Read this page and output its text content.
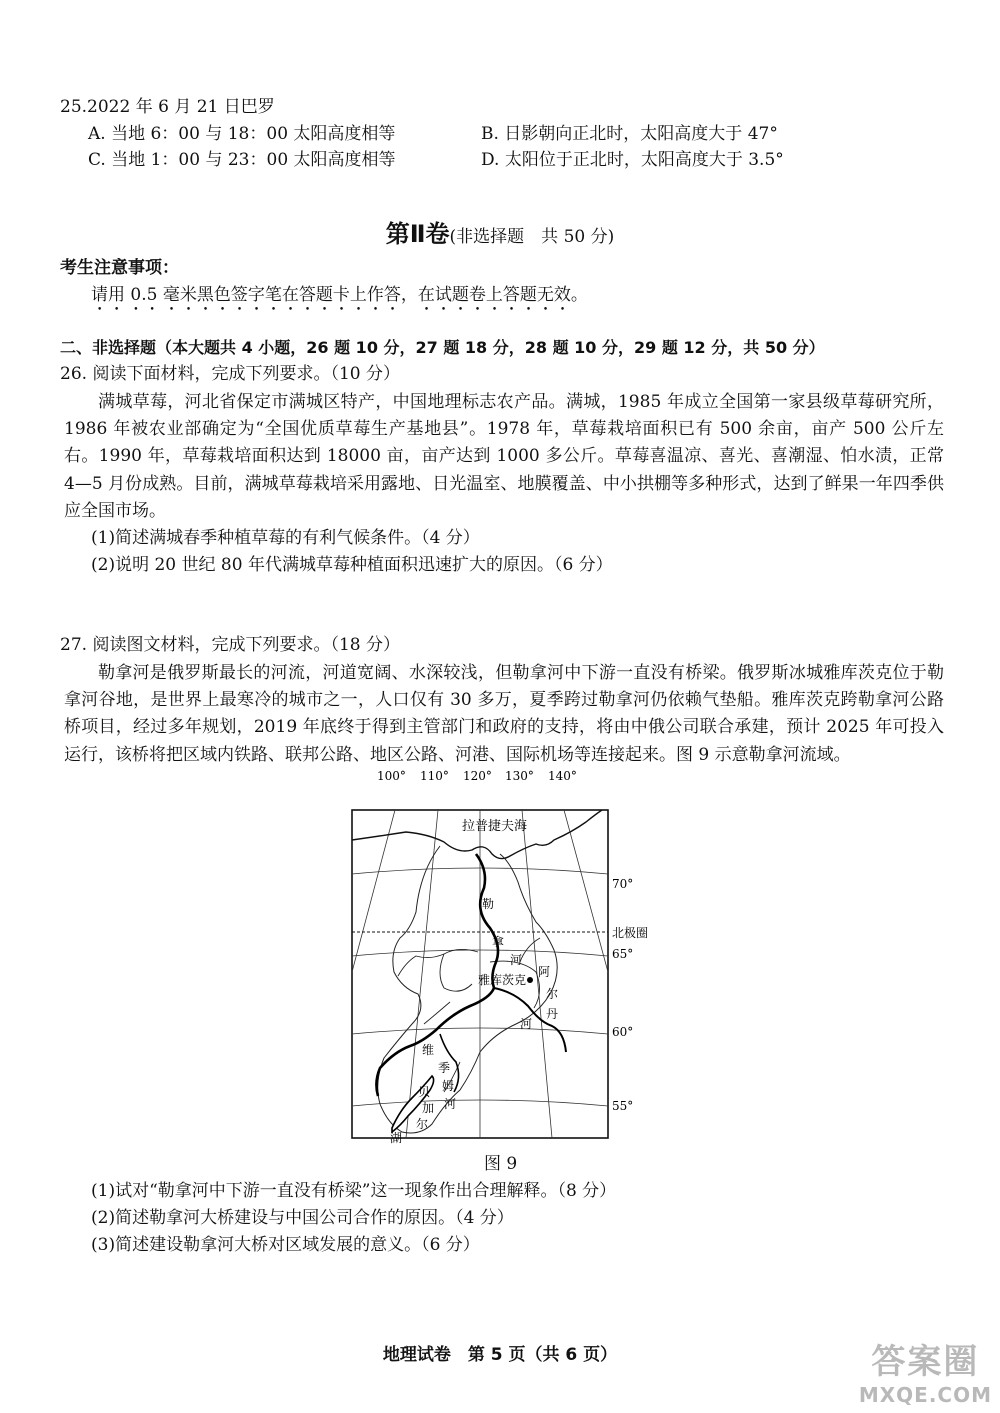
25.2022 年 6 月 21 日巴罗
A. 当地 6：00 与 18：00 太阳高度相等	B. 日影朝向正北时，太阳高度大于 47°
C. 当地 1：00 与 23：00 太阳高度相等	D. 太阳位于正北时，太阳高度大于 3.5°
第Ⅱ卷(非选择题　共 50 分)
考生注意事项：
请用 0.5 毫米黑色签字笔在答题卡上作答，在试题卷上答题无效。
二、非选择题（本大题共 4 小题，26 题 10 分，27 题 18 分，28 题 10 分，29 题 12 分，共 50 分）
26. 阅读下面材料，完成下列要求。（10 分）
满城草莓，河北省保定市满城区特产，中国地理标志农产品。满城，1985 年成立全国第一家县级草莓研究所，1986 年被农业部确定为“全国优质草莓生产基地县”。1978 年，草莓栽培面积已有 500 余亩，亩产 500 公斤左右。1990 年，草莓栽培面积达到 18000 亩，亩产达到 1000 多公斤。草莓喜温凉、喜光、喜潮湿、怕水渍，正常 4—5 月份成熟。目前，满城草莓栽培采用露地、日光温室、地膜覆盖、中小拱棚等多种形式，达到了鲜果一年四季供应全国市场。
(1)简述满城春季种植草莓的有利气候条件。（4 分）
(2)说明 20 世纪 80 年代满城草莓种植面积迅速扩大的原因。（6 分）
27. 阅读图文材料，完成下列要求。（18 分）
勒拿河是俄罗斯最长的河流，河道宽阔、水深较浅，但勒拿河中下游一直没有桥梁。俄罗斯冰城雅库茨克位于勒拿河谷地，是世界上最寒冷的城市之一，人口仅有 30 多万，夏季跨过勒拿河仍依赖气垫船。雅库茨克跨勒拿河公路桥项目，经过多年规划，2019 年底终于得到主管部门和政府的支持，将由中俄公司联合承建，预计 2025 年可投入运行，该桥将把区域内铁路、联邦公路、地区公路、河港、国际机场等连接起来。图 9 示意勒拿河流域。
100° 110° 120° 130° 140°
70°
65°
60°
55°
北极圈
拉普捷夫海
雅库茨克
勒
拿
河
阿
尔
丹
河
维
季
姆
河
贝
加
尔
湖
图 9
(1)试对“勒拿河中下游一直没有桥梁”这一现象作出合理解释。（8 分）
(2)简述勒拿河大桥建设与中国公司合作的原因。（4 分）
(3)简述建设勒拿河大桥对区域发展的意义。（6 分）
地理试卷　第 5 页（共 6 页）	答案圈
MXQE.COM
